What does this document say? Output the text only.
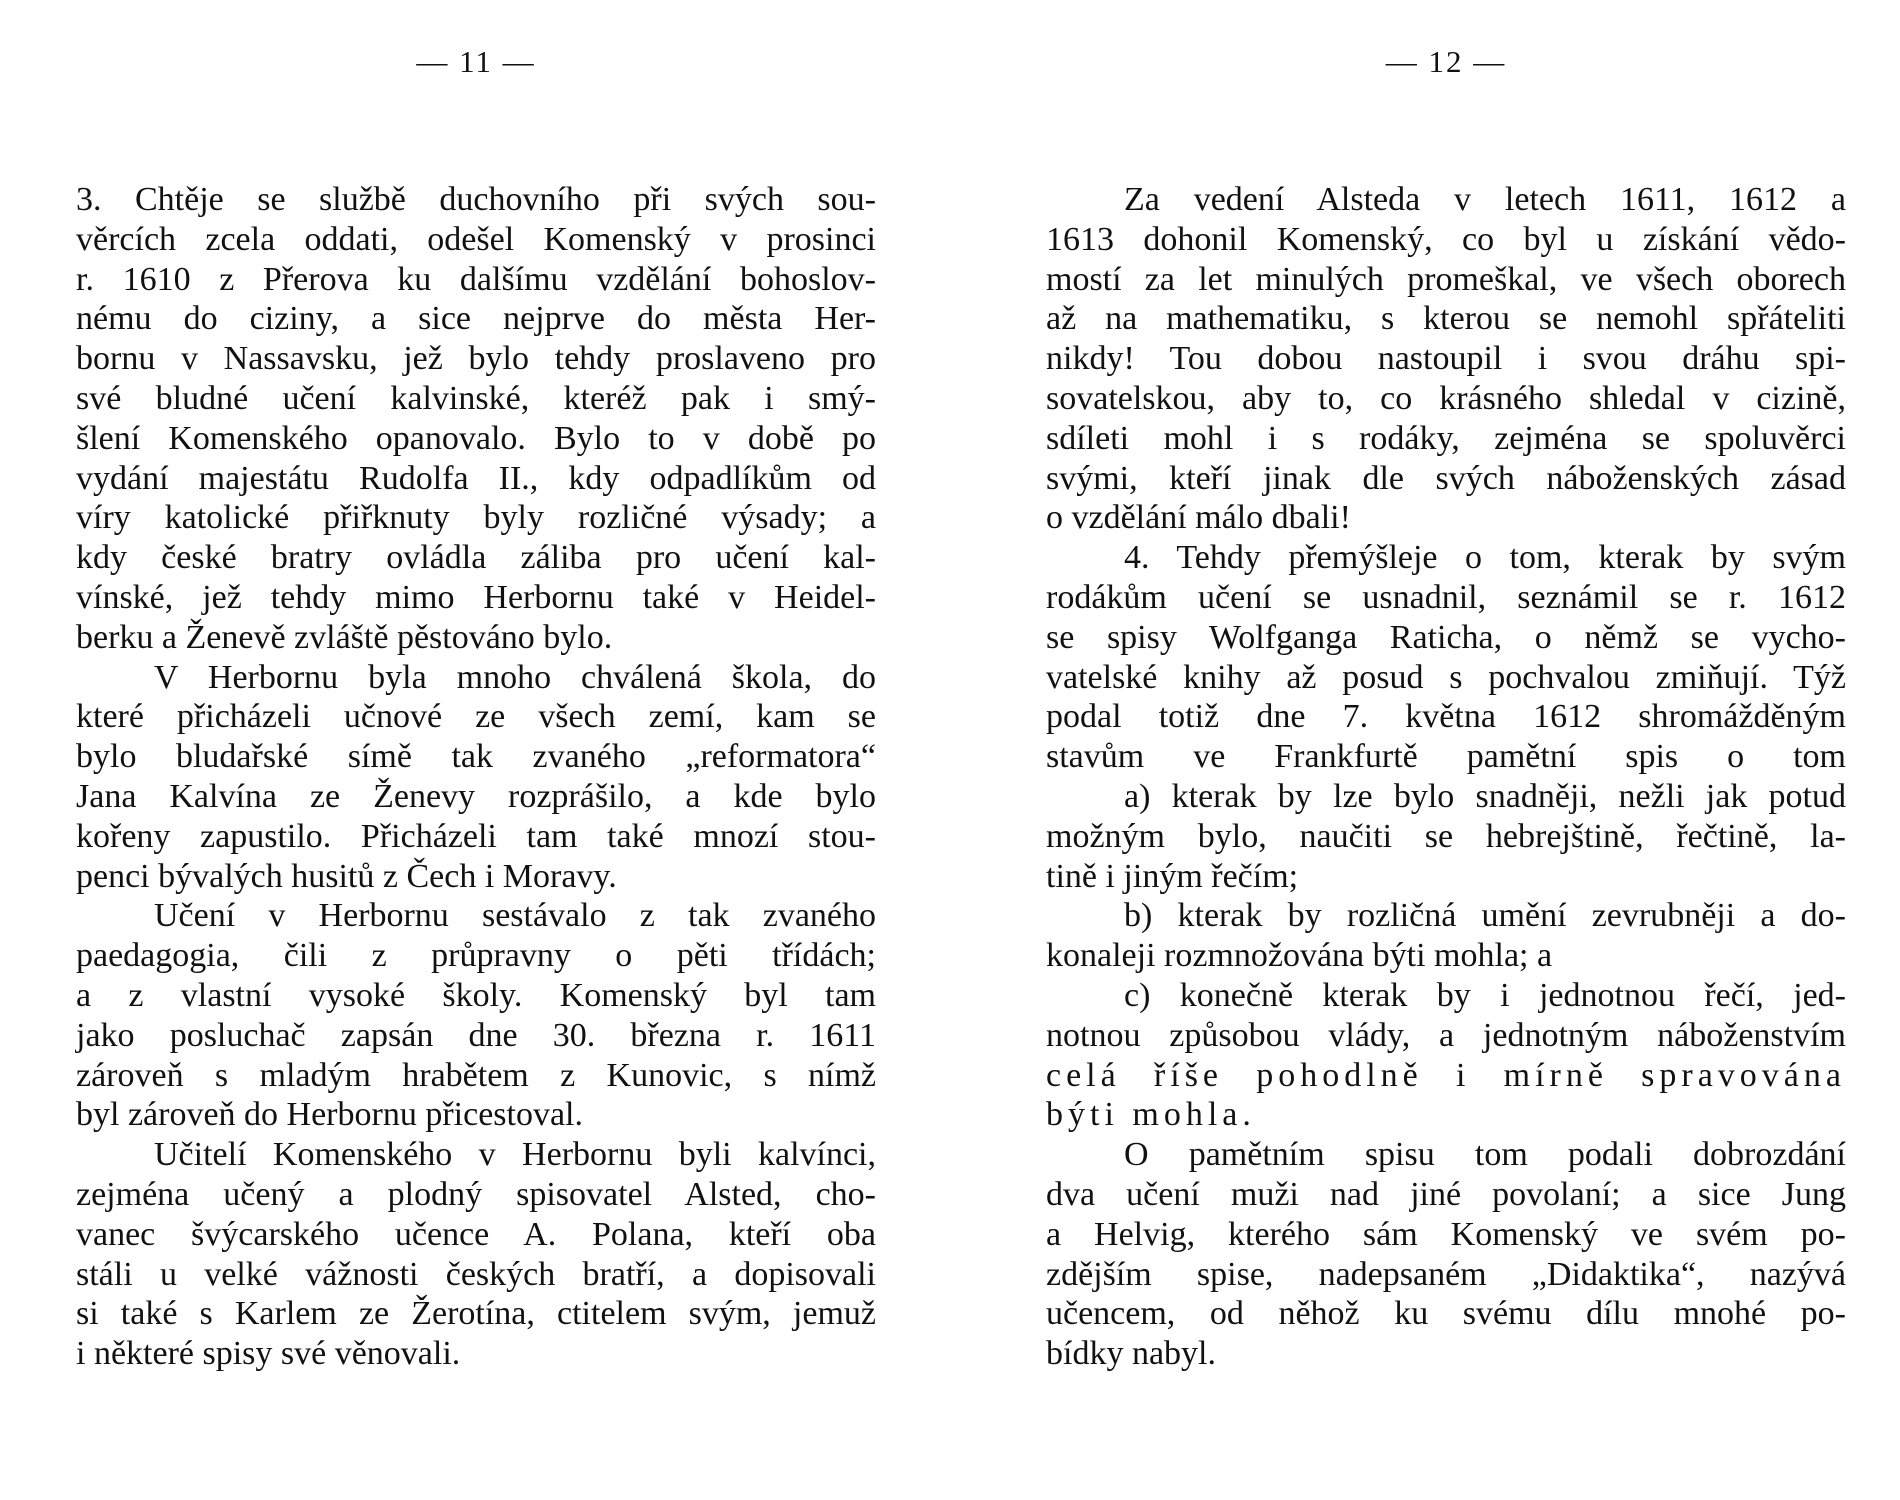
— 11 —
3. Chtěje se službě duchovního při svých sou-
věrcích zcela oddati, odešel Komenský v prosinci
r. 1610 z Přerova ku dalšímu vzdělání bohoslov-
nému do ciziny, a sice nejprve do města Her-
bornu v Nassavsku, jež bylo tehdy proslaveno pro
své bludné učení kalvinské, kteréž pak i smý-
šlení Komenského opanovalo. Bylo to v době po
vydání majestátu Rudolfa II., kdy odpadlíkům od
víry katolické přiřknuty byly rozličné výsady; a
kdy české bratry ovládla záliba pro učení kal-
vínské, jež tehdy mimo Herbornu také v Heidel-
berku a Ženevě zvláště pěstováno bylo.
V Herbornu byla mnoho chválená škola, do
které přicházeli učnové ze všech zemí, kam se
bylo bludařské símě tak zvaného „reformatora“
Jana Kalvína ze Ženevy rozprášilo, a kde bylo
kořeny zapustilo. Přicházeli tam také mnozí stou-
penci bývalých husitů z Čech i Moravy.
Učení v Herbornu sestávalo z tak zvaného
paedagogia, čili z průpravny o pěti třídách;
a z vlastní vysoké školy. Komenský byl tam
jako posluchač zapsán dne 30. března r. 1611
zároveň s mladým hrabětem z Kunovic, s nímž
byl zároveň do Herbornu přicestoval.
Učitelí Komenského v Herbornu byli kalvínci,
zejména učený a plodný spisovatel Alsted, cho-
vanec švýcarského učence A. Polana, kteří oba
stáli u velké vážnosti českých bratří, a dopisovali
si také s Karlem ze Žerotína, ctitelem svým, jemuž
i některé spisy své věnovali.
— 12 —
Za vedení Alsteda v letech 1611, 1612 a
1613 dohonil Komenský, co byl u získání vědo-
mostí za let minulých promeškal, ve všech oborech
až na mathematiku, s kterou se nemohl spřáteliti
nikdy! Tou dobou nastoupil i svou dráhu spi-
sovatelskou, aby to, co krásného shledal v cizině,
sdíleti mohl i s rodáky, zejména se spoluvěrci
svými, kteří jinak dle svých náboženských zásad
o vzdělání málo dbali!
4. Tehdy přemýšleje o tom, kterak by svým
rodákům učení se usnadnil, seznámil se r. 1612
se spisy Wolfganga Raticha, o němž se vycho-
vatelské knihy až posud s pochvalou zmiňují. Týž
podal totiž dne 7. května 1612 shromážděným
stavům ve Frankfurtě pamětní spis o tom
a) kterak by lze bylo snadněji, nežli jak potud
možným bylo, naučiti se hebrejštině, řečtině, la-
tině i jiným řečím;
b) kterak by rozličná umění zevrubněji a do-
konaleji rozmnožována býti mohla; a
c) konečně kterak by i jednotnou řečí, jed-
notnou způsobou vlády, a jednotným náboženstvím
celá říše pohodlně i mírně spravována
býti mohla.
O pamětním spisu tom podali dobrozdání
dva učení muži nad jiné povolaní; a sice Jung
a Helvig, kterého sám Komenský ve svém po-
zdějším spise, nadepsaném „Didaktika“, nazývá
učencem, od něhož ku svému dílu mnohé po-
bídky nabyl.
